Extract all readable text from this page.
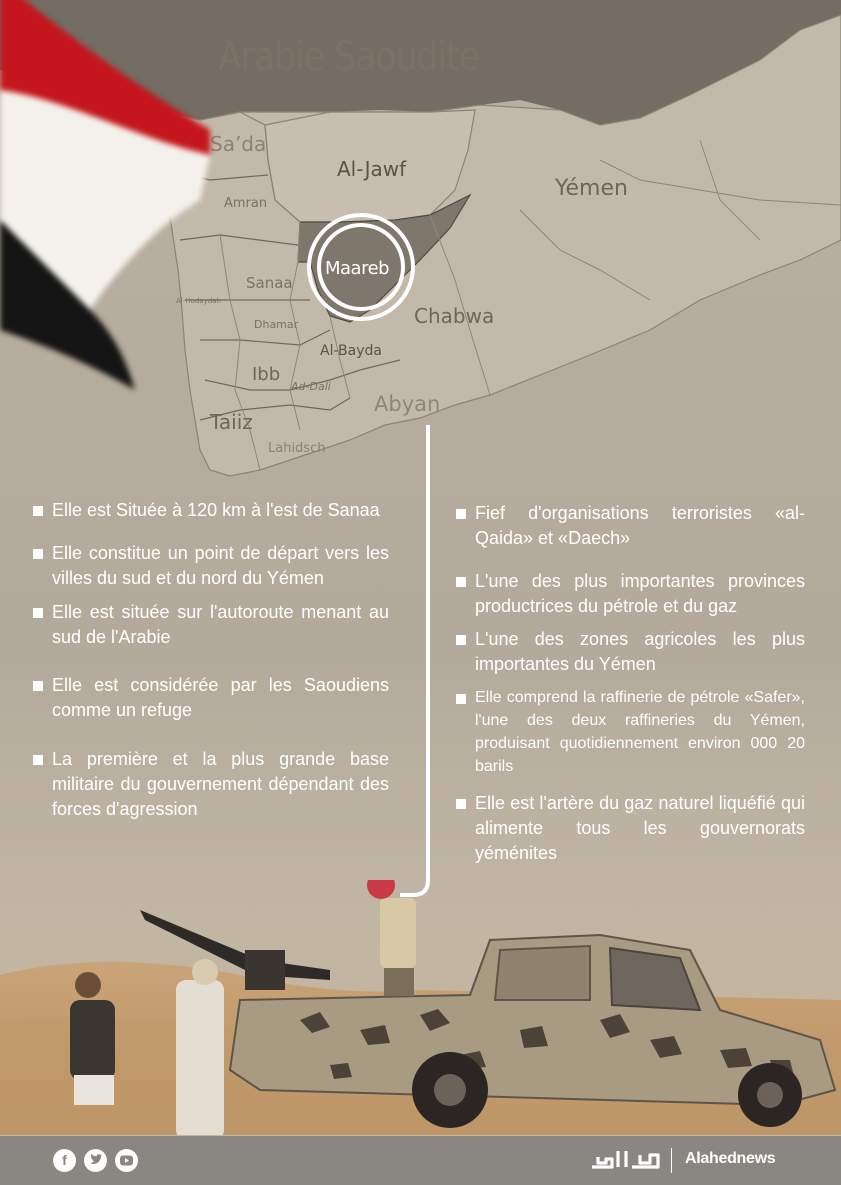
Arabie Saoudite
Yémen
Al-Jawf
Chabwa
Abyan
Al-Bayda
Sa’da
Amran
Sanaa
Al-Hudaydah
Dhamar
Ibb
Ad-Dali
Taiiz
Lahidsch
Maareb
Elle est Située à 120 km à l'est de Sanaa
Elle constitue un point de départ vers les villes du sud et du nord du Yémen
Elle est située sur l'autoroute menant au sud de l'Arabie
Elle est considérée par les Saoudiens comme un refuge
La première et la plus grande base militaire du gouvernement dépendant des forces d'agression
Fief d'organisations terroristes «al-Qaida» et «Daech»
L'une des plus importantes provinces productrices du pétrole et du gaz
L'une des zones agricoles les plus importantes du Yémen
Elle comprend la raffinerie de pétrole «Safer», l'une des deux raffineries du Yémen, produisant quotidiennement environ 000 20 barils
Elle est l'artère du gaz naturel liquéfié qui alimente tous les gouvernorats yéménites
f	Alahednews
